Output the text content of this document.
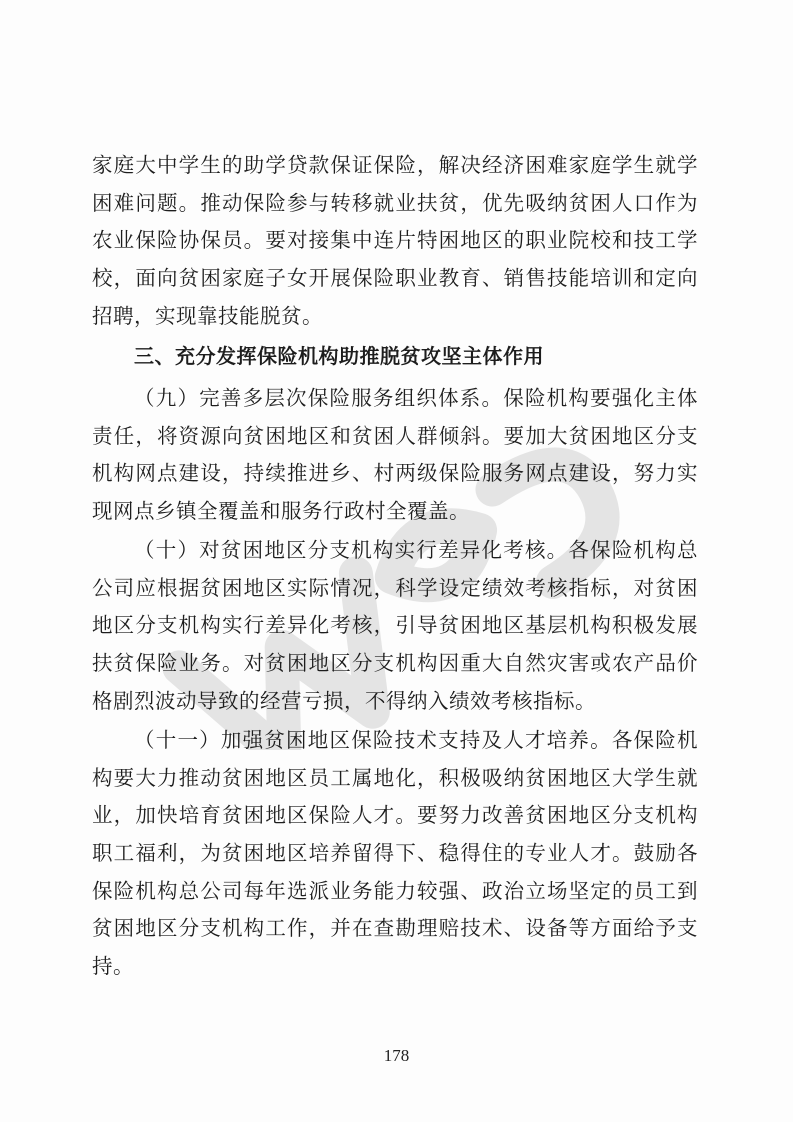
家庭大中学生的助学贷款保证保险，解决经济困难家庭学生就学
困难问题。推动保险参与转移就业扶贫，优先吸纳贫困人口作为
农业保险协保员。要对接集中连片特困地区的职业院校和技工学
校，面向贫困家庭子女开展保险职业教育、销售技能培训和定向
招聘，实现靠技能脱贫。
三、充分发挥保险机构助推脱贫攻坚主体作用
（九）完善多层次保险服务组织体系。保险机构要强化主体
责任，将资源向贫困地区和贫困人群倾斜。要加大贫困地区分支
机构网点建设，持续推进乡、村两级保险服务网点建设，努力实
现网点乡镇全覆盖和服务行政村全覆盖。
（十）对贫困地区分支机构实行差异化考核。各保险机构总
公司应根据贫困地区实际情况，科学设定绩效考核指标，对贫困
地区分支机构实行差异化考核，引导贫困地区基层机构积极发展
扶贫保险业务。对贫困地区分支机构因重大自然灾害或农产品价
格剧烈波动导致的经营亏损，不得纳入绩效考核指标。
（十一）加强贫困地区保险技术支持及人才培养。各保险机
构要大力推动贫困地区员工属地化，积极吸纳贫困地区大学生就
业，加快培育贫困地区保险人才。要努力改善贫困地区分支机构
职工福利，为贫困地区培养留得下、稳得住的专业人才。鼓励各
保险机构总公司每年选派业务能力较强、政治立场坚定的员工到
贫困地区分支机构工作，并在查勘理赔技术、设备等方面给予支
持。
178
